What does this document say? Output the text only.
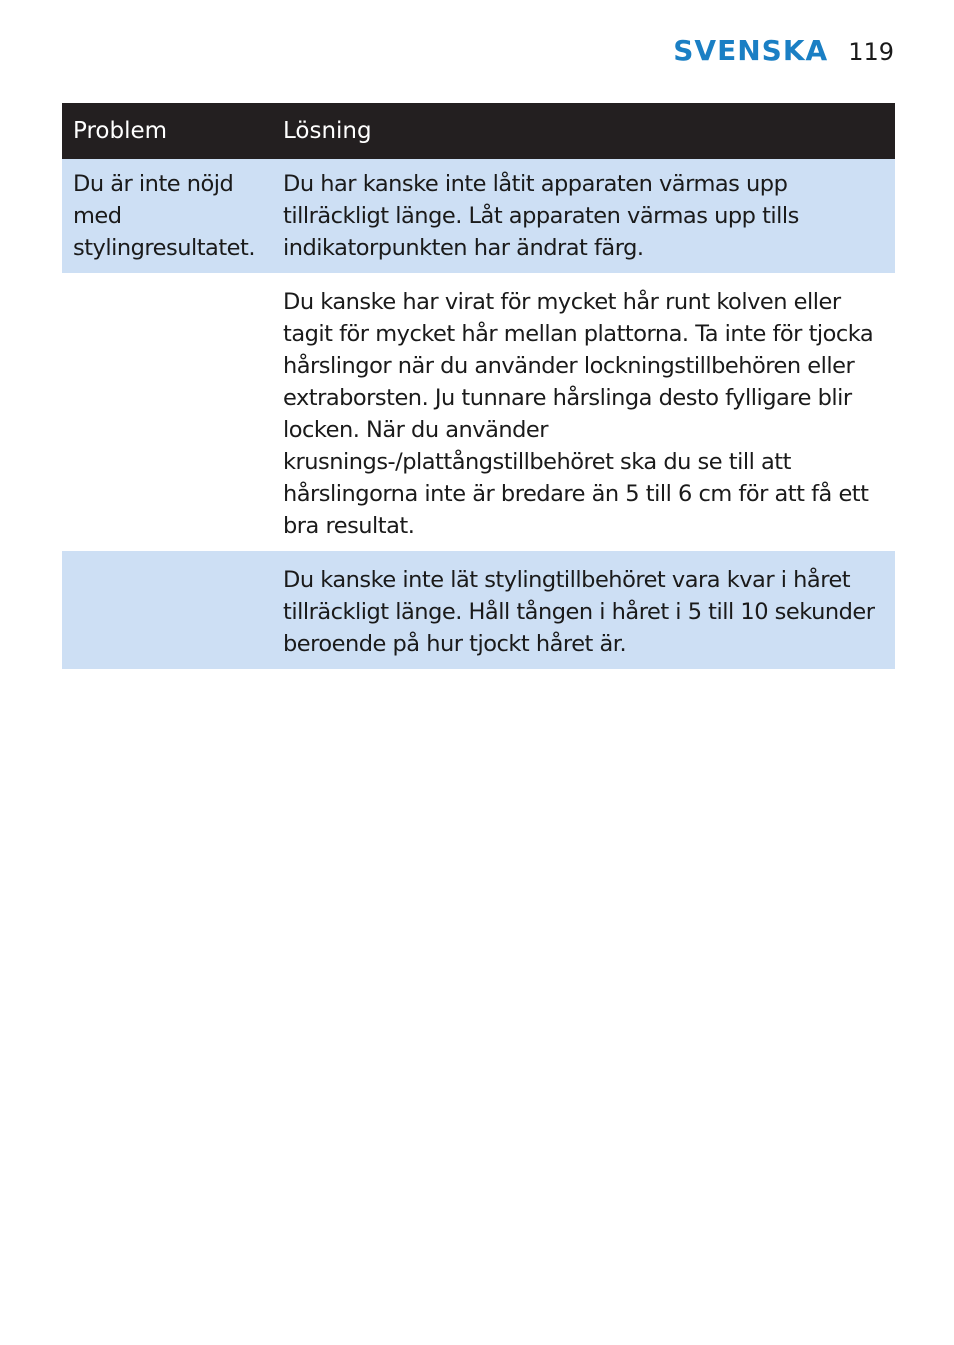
SVENSKA 119
Problem	Lösning
Du är inte nöjd med stylingresultatet.	Du har kanske inte låtit apparaten värmas upp tillräckligt länge. Låt apparaten värmas upp tills indikatorpunkten har ändrat färg.
	Du kanske har virat för mycket hår runt kolven eller tagit för mycket hår mellan plattorna. Ta inte för tjocka hårslingor när du använder lockningstillbehören eller extraborsten. Ju tunnare hårslinga desto fylligare blir locken. När du använder krusnings-/plattångstillbehöret ska du se till att hårslingorna inte är bredare än 5 till 6 cm för att få ett bra resultat.
	Du kanske inte lät stylingtillbehöret vara kvar i håret tillräckligt länge. Håll tången i håret i 5 till 10 sekunder beroende på hur tjockt håret är.
